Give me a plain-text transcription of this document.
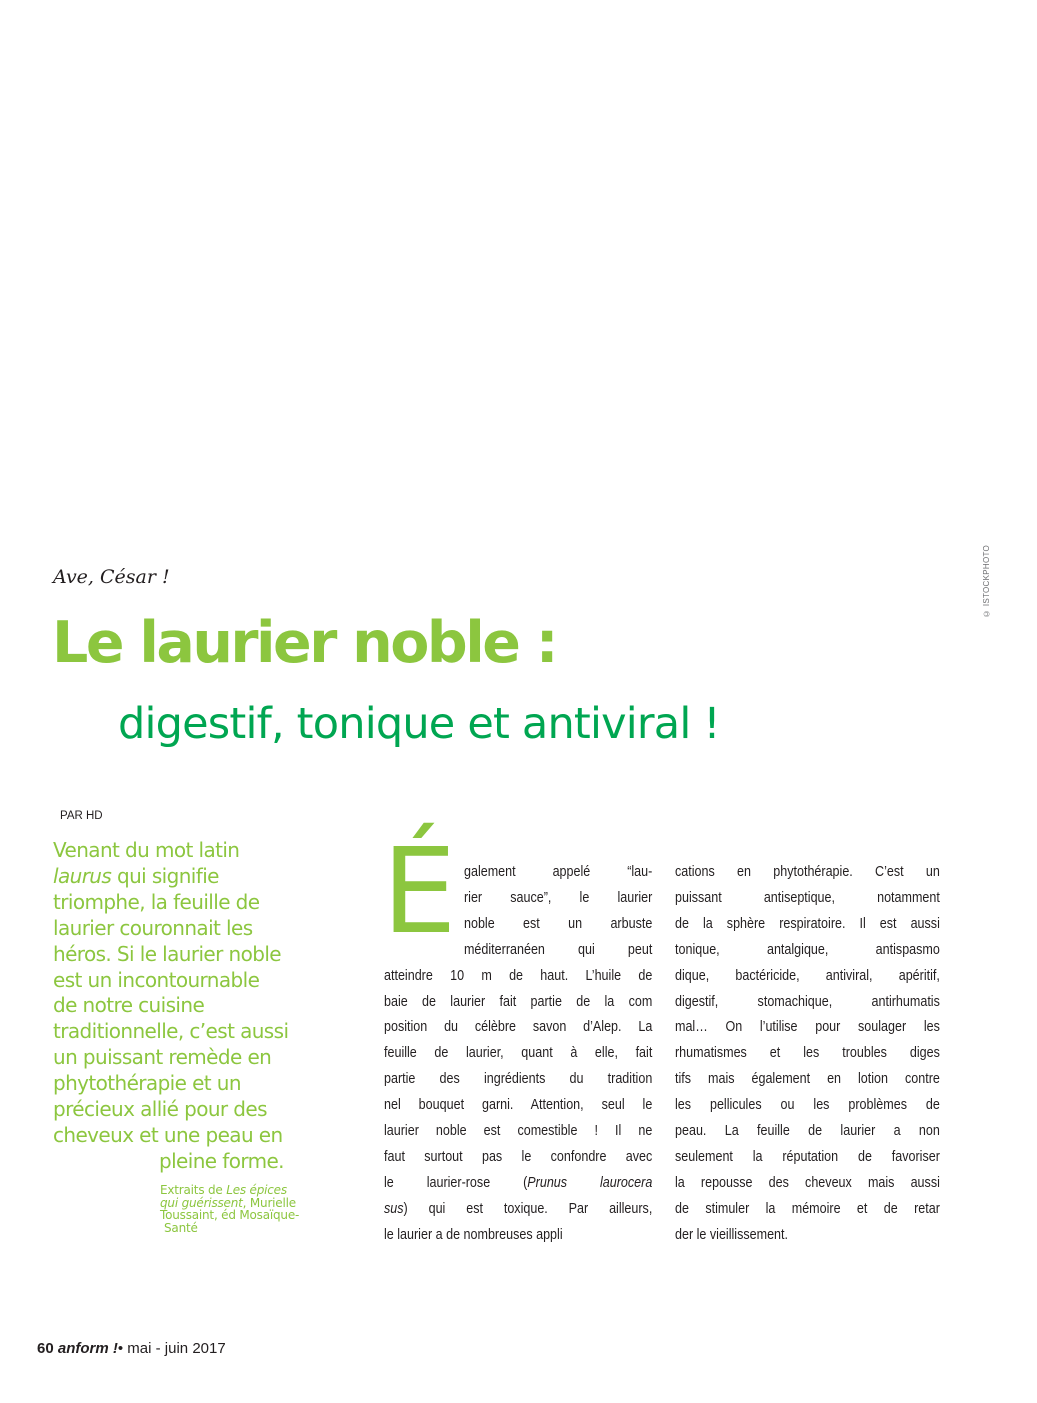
© ISTOCKPHOTO
Ave, César !
Le laurier noble :
digestif, tonique et antiviral !
PAR HD
Venant du mot latin
laurus qui signifie
triomphe, la feuille de
laurier couronnait les
héros. Si le laurier noble
est un incontournable
de notre cuisine
traditionnelle, c’est aussi
un puissant remède en
phytothérapie et un
précieux allié pour des
cheveux et une peau en
pleine forme.
Extraits de Les épices
qui guérissent, Murielle
Toussaint, éd Mosaïque-
Santé
É galement appelé “lau-
rier sauce”, le laurier
noble est un arbuste
méditerranéen qui peut
atteindre 10 m de haut. L’huile de
baie de laurier fait partie de la com
position du célèbre savon d’Alep. La
feuille de laurier, quant à elle, fait
partie des ingrédients du tradition
nel bouquet garni. Attention, seul le
laurier noble est comestible ! Il ne
faut surtout pas le confondre avec
le laurier-rose (Prunus laurocera
sus) qui est toxique. Par ailleurs,
le laurier a de nombreuses appli
cations en phytothérapie. C’est un
puissant antiseptique, notamment
de la sphère respiratoire. Il est aussi
tonique, antalgique, antispasmo
dique, bactéricide, antiviral, apéritif,
digestif, stomachique, antirhumatis
mal… On l’utilise pour soulager les
rhumatismes et les troubles diges
tifs mais également en lotion contre
les pellicules ou les problèmes de
peau. La feuille de laurier a non
seulement la réputation de favoriser
la repousse des cheveux mais aussi
de stimuler la mémoire et de retar
der le vieillissement.
60 anform !• mai - juin 2017
